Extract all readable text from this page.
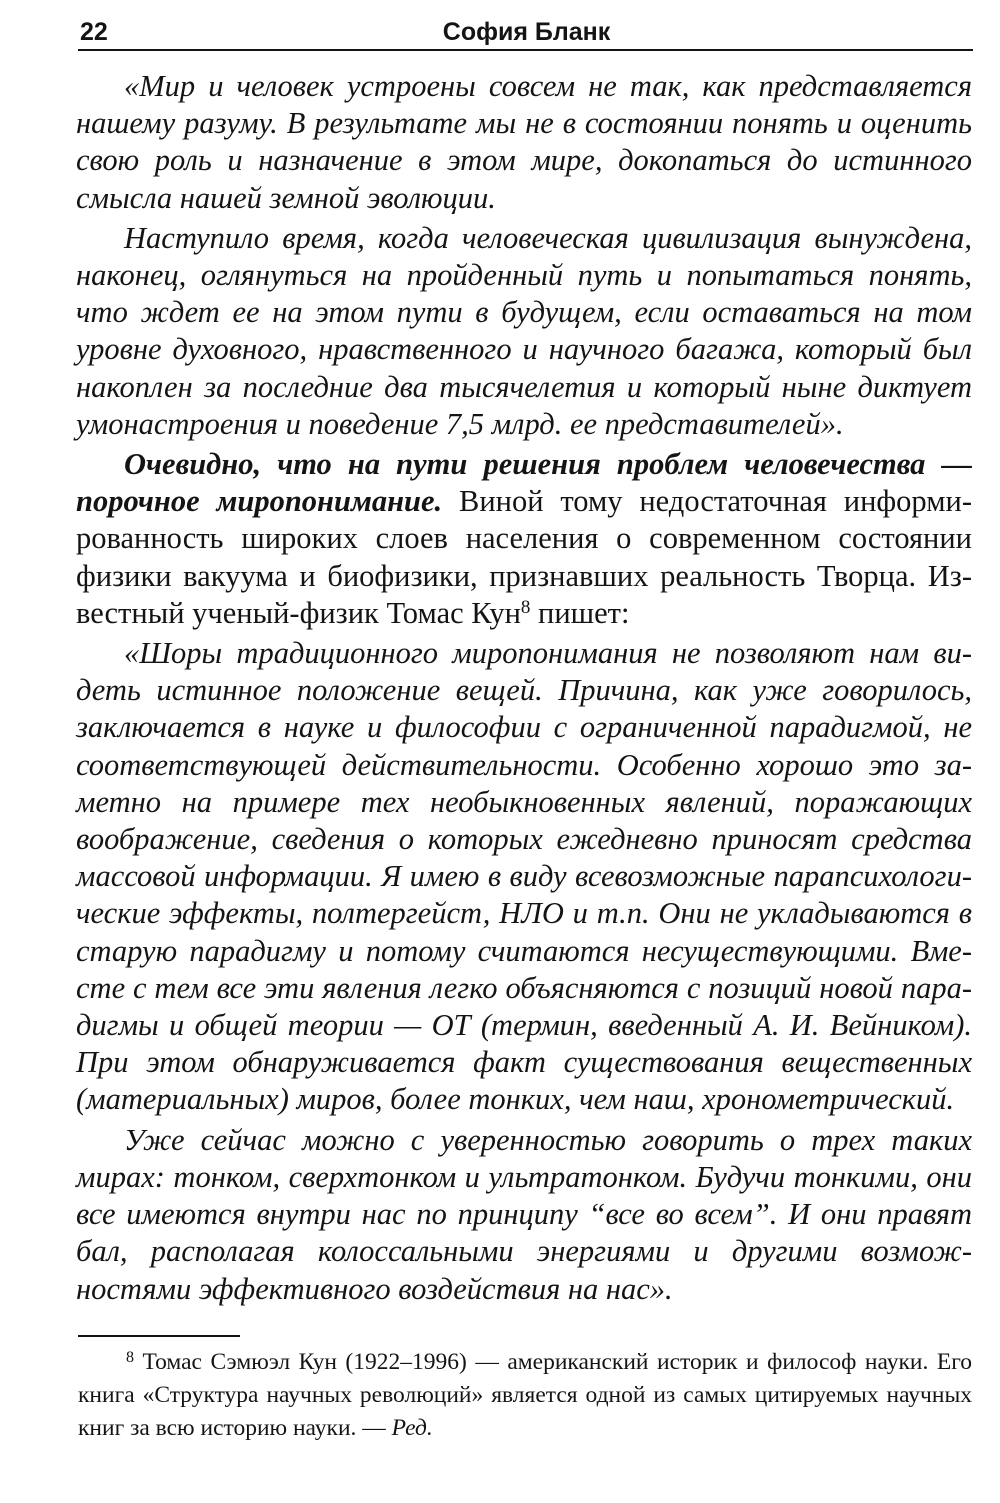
22	София Бланк

«Мир и человек устроены совсем не так, как представляется нашему разуму. В результате мы не в состоянии понять и оценить свою роль и назначение в этом мире, докопаться до истинного смысла нашей земной эволюции.

Наступило время, когда человеческая цивилизация вынуждена, наконец, оглянуться на пройденный путь и попытаться понять, что ждет ее на этом пути в будущем, если оставаться на том уровне духовного, нравственного и научного багажа, который был накоплен за последние два тысячелетия и который ныне диктует умонастроения и поведение 7,5 млрд. ее представителей».

Очевидно, что на пути решения проблем человечества — порочное миропонимание. Виной тому недостаточная информированность широких слоев населения о современном состоянии физики вакуума и биофизики, признавших реальность Творца. Известный ученый-физик Томас Кун$^8$ пишет:

«Шоры традиционного миропонимания не позволяют нам видеть истинное положение вещей. Причина, как уже говорилось, заключается в науке и философии с ограниченной парадигмой, не соответствующей действительности. Особенно хорошо это заметно на примере тех необыкновенных явлений, поражающих воображение, сведения о которых ежедневно приносят средства массовой информации. Я имею в виду всевозможные парапсихологические эффекты, полтергейст, НЛО и т.п. Они не укладываются в старую парадигму и потому считаются несуществующими. Вместе с тем все эти явления легко объясняются с позиций новой парадигмы и общей теории — ОТ (термин, введенный А. И. Вейником). При этом обнаруживается факт существования вещественных (материальных) миров, более тонких, чем наш, хронометрический.

Уже сейчас можно с уверенностью говорить о трех таких мирах: тонком, сверхтонком и ультратонком. Будучи тонкими, они все имеются внутри нас по принципу “все во всем”. И они правят бал, располагая колоссальными энергиями и другими возможностями эффективного воздействия на нас».

$^8$ Томас Сэмюэл Кун (1922–1996) — американский историк и философ науки. Его книга «Структура научных революций» является одной из самых цитируемых научных книг за всю историю науки. — Ред.
